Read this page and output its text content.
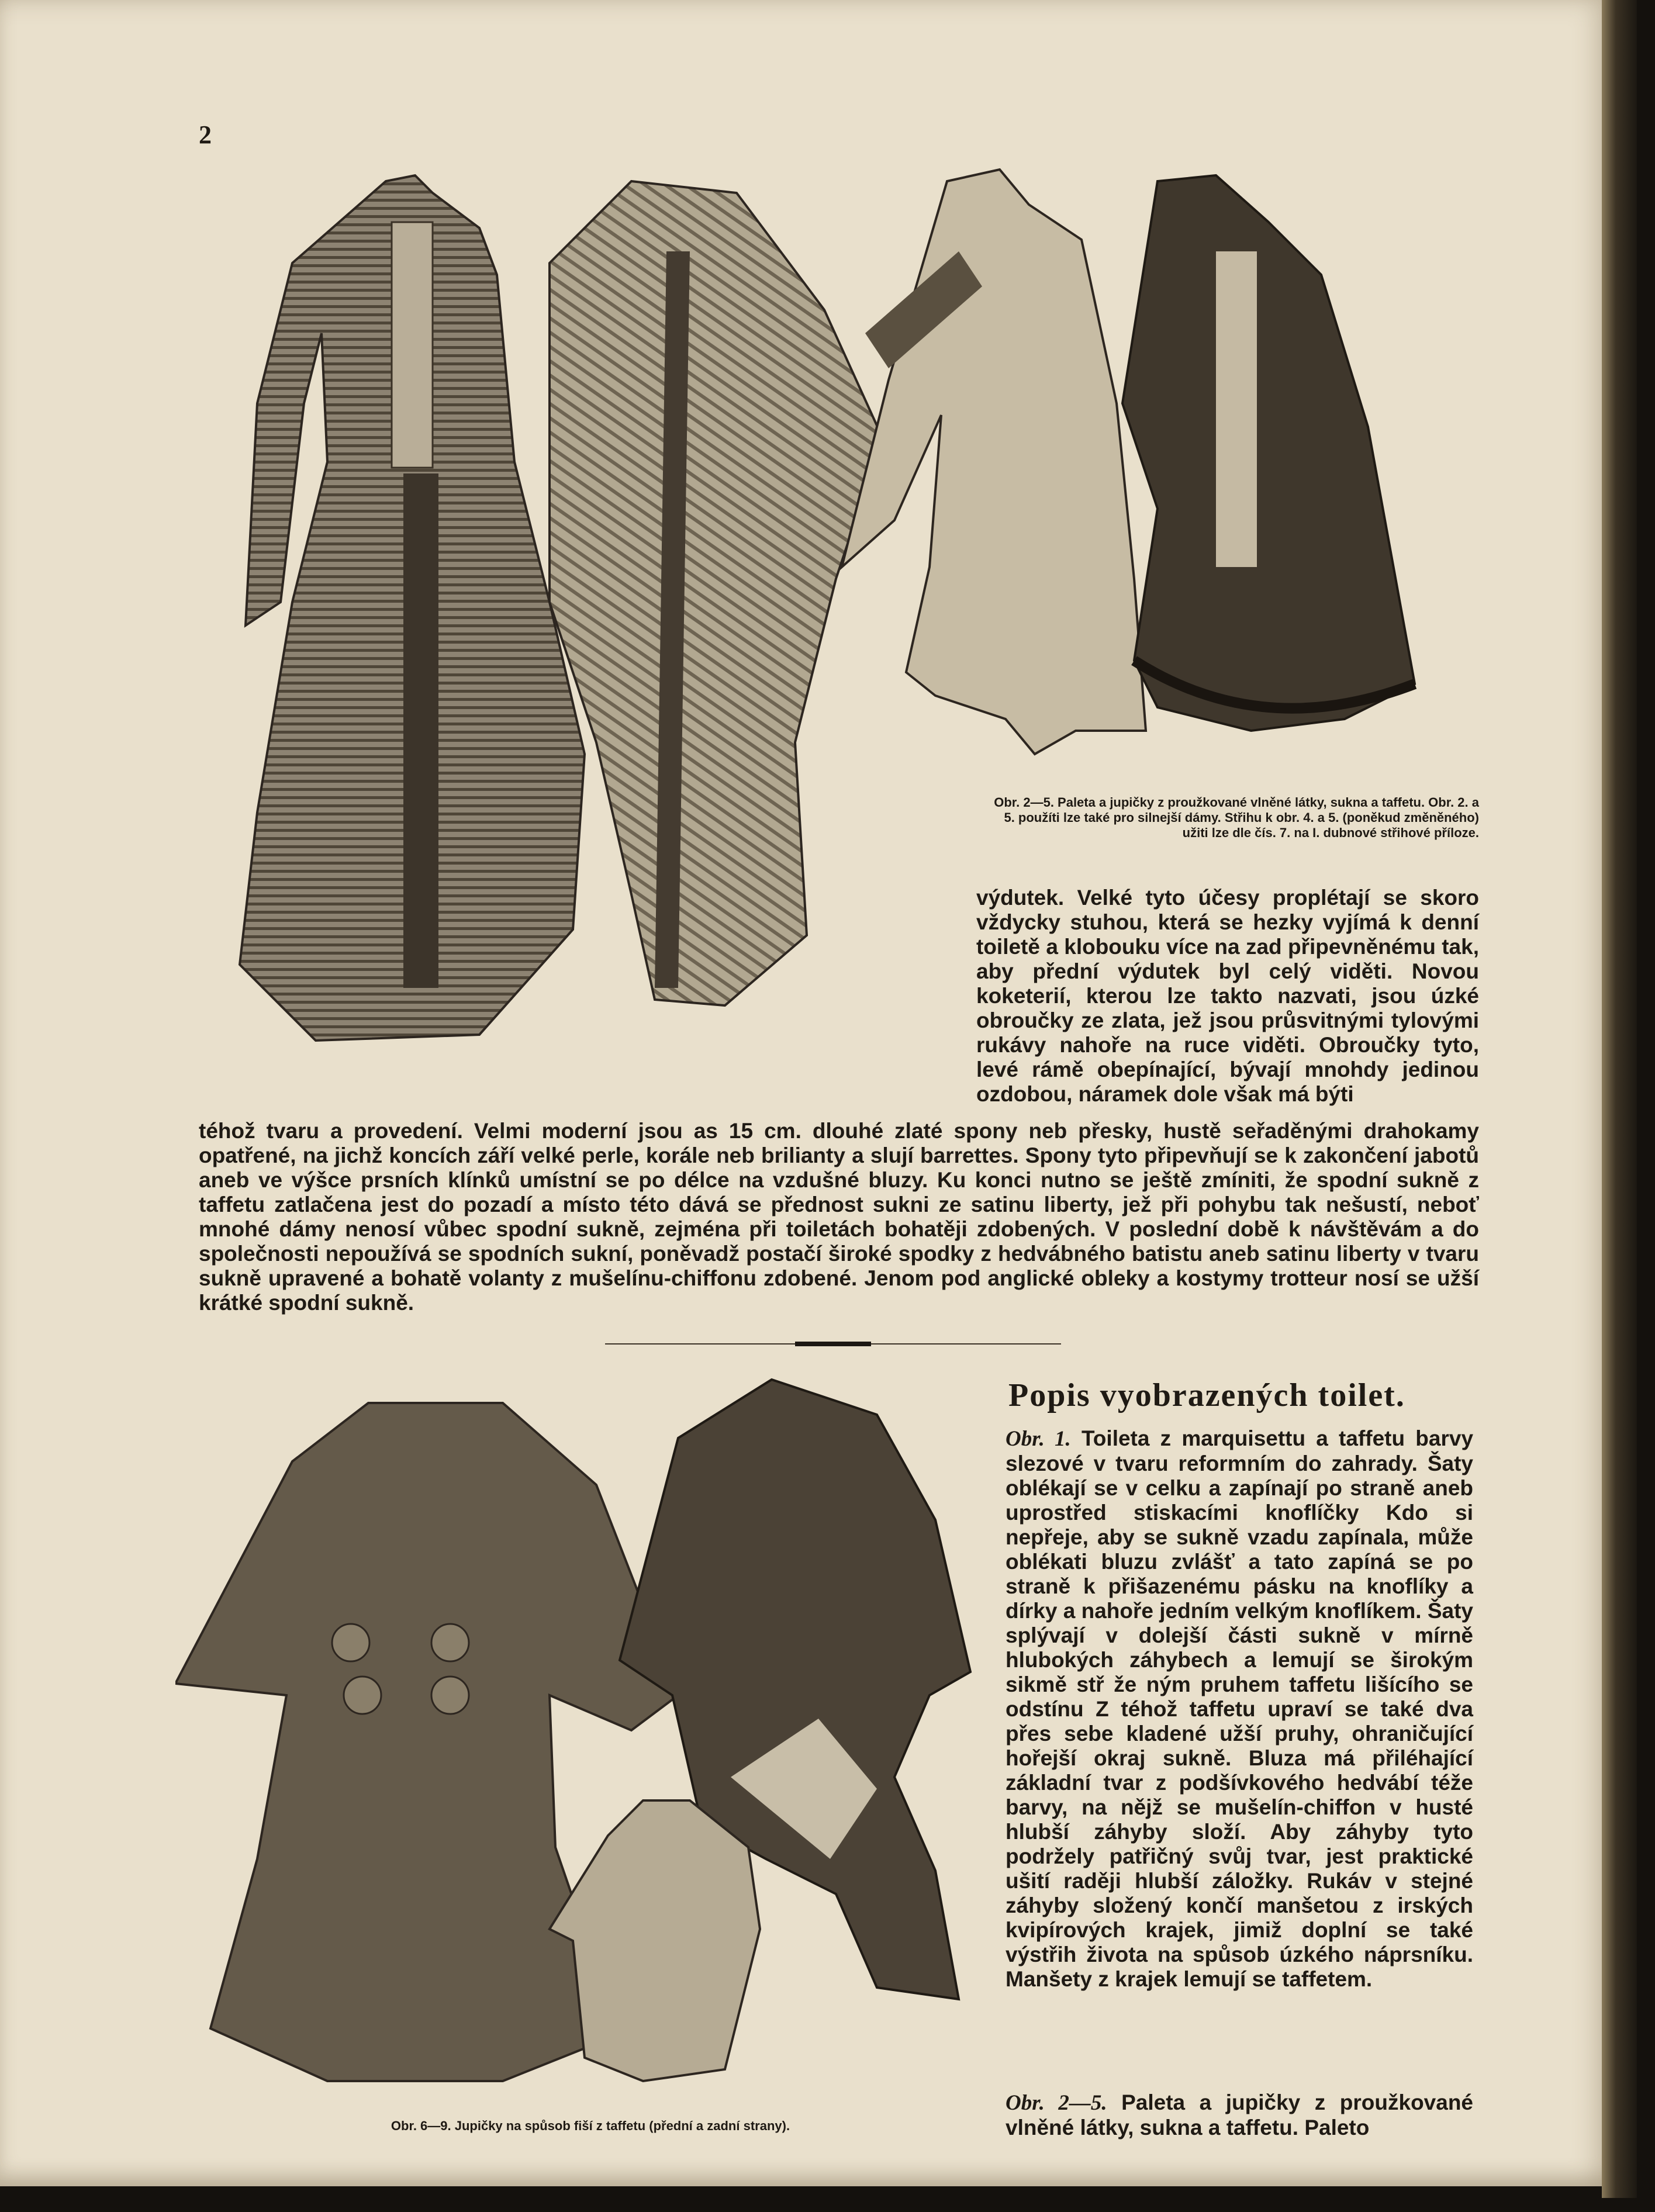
2
Obr. 2—5. Paleta a jupičky z proužkované vlněné látky, sukna a taffetu. Obr. 2. a 5. použíti lze také pro silnejší dámy. Střihu k obr. 4. a 5. (poněkud změněného) užiti lze dle čís. 7. na I. dubnové střihové příloze.
výdutek. Velké tyto účesy proplétají se skoro vždycky stuhou, která se hezky vyjímá k denní toiletě a klobouku více na zad připevněnému tak, aby přední výdutek byl celý viděti. Novou koketerií, kterou lze takto nazvati, jsou úzké obroučky ze zlata, jež jsou průsvitnými tylovými rukávy nahoře na ruce viděti. Obroučky tyto, levé rámě obepínající, bývají mnohdy jedinou ozdobou, náramek dole však má býti
téhož tvaru a provedení. Velmi moderní jsou as 15 cm. dlouhé zlaté spony neb přesky, hustě seřaděnými drahokamy opatřené, na jichž koncích září velké perle, korále neb brilianty a slují barrettes. Spony tyto připevňují se k zakončení jabotů aneb ve výšce prsních klínků umístní se po délce na vzdušné bluzy. Ku konci nutno se ještě zmíniti, že spodní sukně z taffetu zatlačena jest do pozadí a místo této dává se přednost sukni ze satinu liberty, jež při pohybu tak nešustí, neboť mnohé dámy nenosí vůbec spodní sukně, zejména při toiletách bohatěji zdobených. V poslední době k návštěvám a do společnosti nepoužívá se spodních sukní, poněvadž postačí široké spodky z hedvábného batistu aneb satinu liberty v tvaru sukně upravené a bohatě volanty z mušelínu-chiffonu zdobené. Jenom pod anglické obleky a kostymy trotteur nosí se užší krátké spodní sukně.
Obr. 6—9. Jupičky na spůsob fiší z taffetu (přední a zadní strany).
Popis vyobrazených toilet.

Obr. 1. Toileta z marquisettu a taffetu barvy slezové v tvaru reformním do zahrady. Šaty oblékají se v celku a zapínají po straně aneb uprostřed stiskacími knoflíčky Kdo si nepřeje, aby se sukně vzadu zapínala, může oblékati bluzu zvlášť a tato zapíná se po straně k přišazenému pásku na knoflíky a dírky a nahoře jedním velkým knoflíkem. Šaty splývají v dolejší části sukně v mírně hlubokých záhybech a lemují se širokým sikmě stř že ným pruhem taffetu lišícího se odstínu Z téhož taffetu upraví se také dva přes sebe kladené užší pruhy, ohraničující hořejší okraj sukně. Bluza má přiléhající základní tvar z podšívkového hedvábí téže barvy, na nějž se mušelín-chiffon v husté hlubší záhyby složí. Aby záhyby tyto podržely patřičný svůj tvar, jest praktické ušití raději hlubší záložky. Rukáv v stejné záhyby složený končí manšetou z irských kvipírových krajek, jimiž doplní se také výstřih života na spůsob úzkého náprsníku. Manšety z krajek lemují se taffetem.

Obr. 2—5. Paleta a jupičky z proužkované vlněné látky, sukna a taffetu. Paleto
